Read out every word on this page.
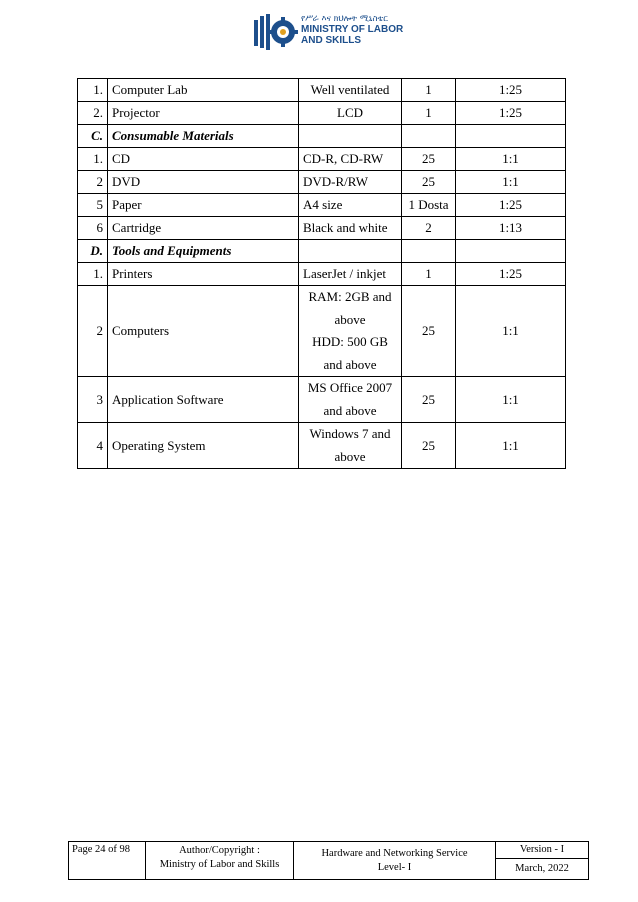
የሥራ እና ክህሎት ሚኒስቴር
MINISTRY OF LABOR
AND SKILLS
1.	Computer Lab	Well ventilated	1	1:25
2.	Projector	LCD	1	1:25
C.	Consumable Materials			
1.	CD	CD-R, CD-RW	25	1:1
2	DVD	DVD-R/RW	25	1:1
5	Paper	A4 size	1 Dosta	1:25
6	Cartridge	Black and white	2	1:13
D.	Tools and Equipments			
1.	Printers	LaserJet / inkjet	1	1:25
2	Computers	RAM: 2GB and
above
HDD: 500 GB
and above	25	1:1
3	Application Software	MS Office 2007
and above	25	1:1
4	Operating System	Windows 7 and
above	25	1:1
Page 24 of 98	Author/Copyright :
Ministry of Labor and Skills

Hardware and Networking Service
Level- I
	Version - I
March, 2022
